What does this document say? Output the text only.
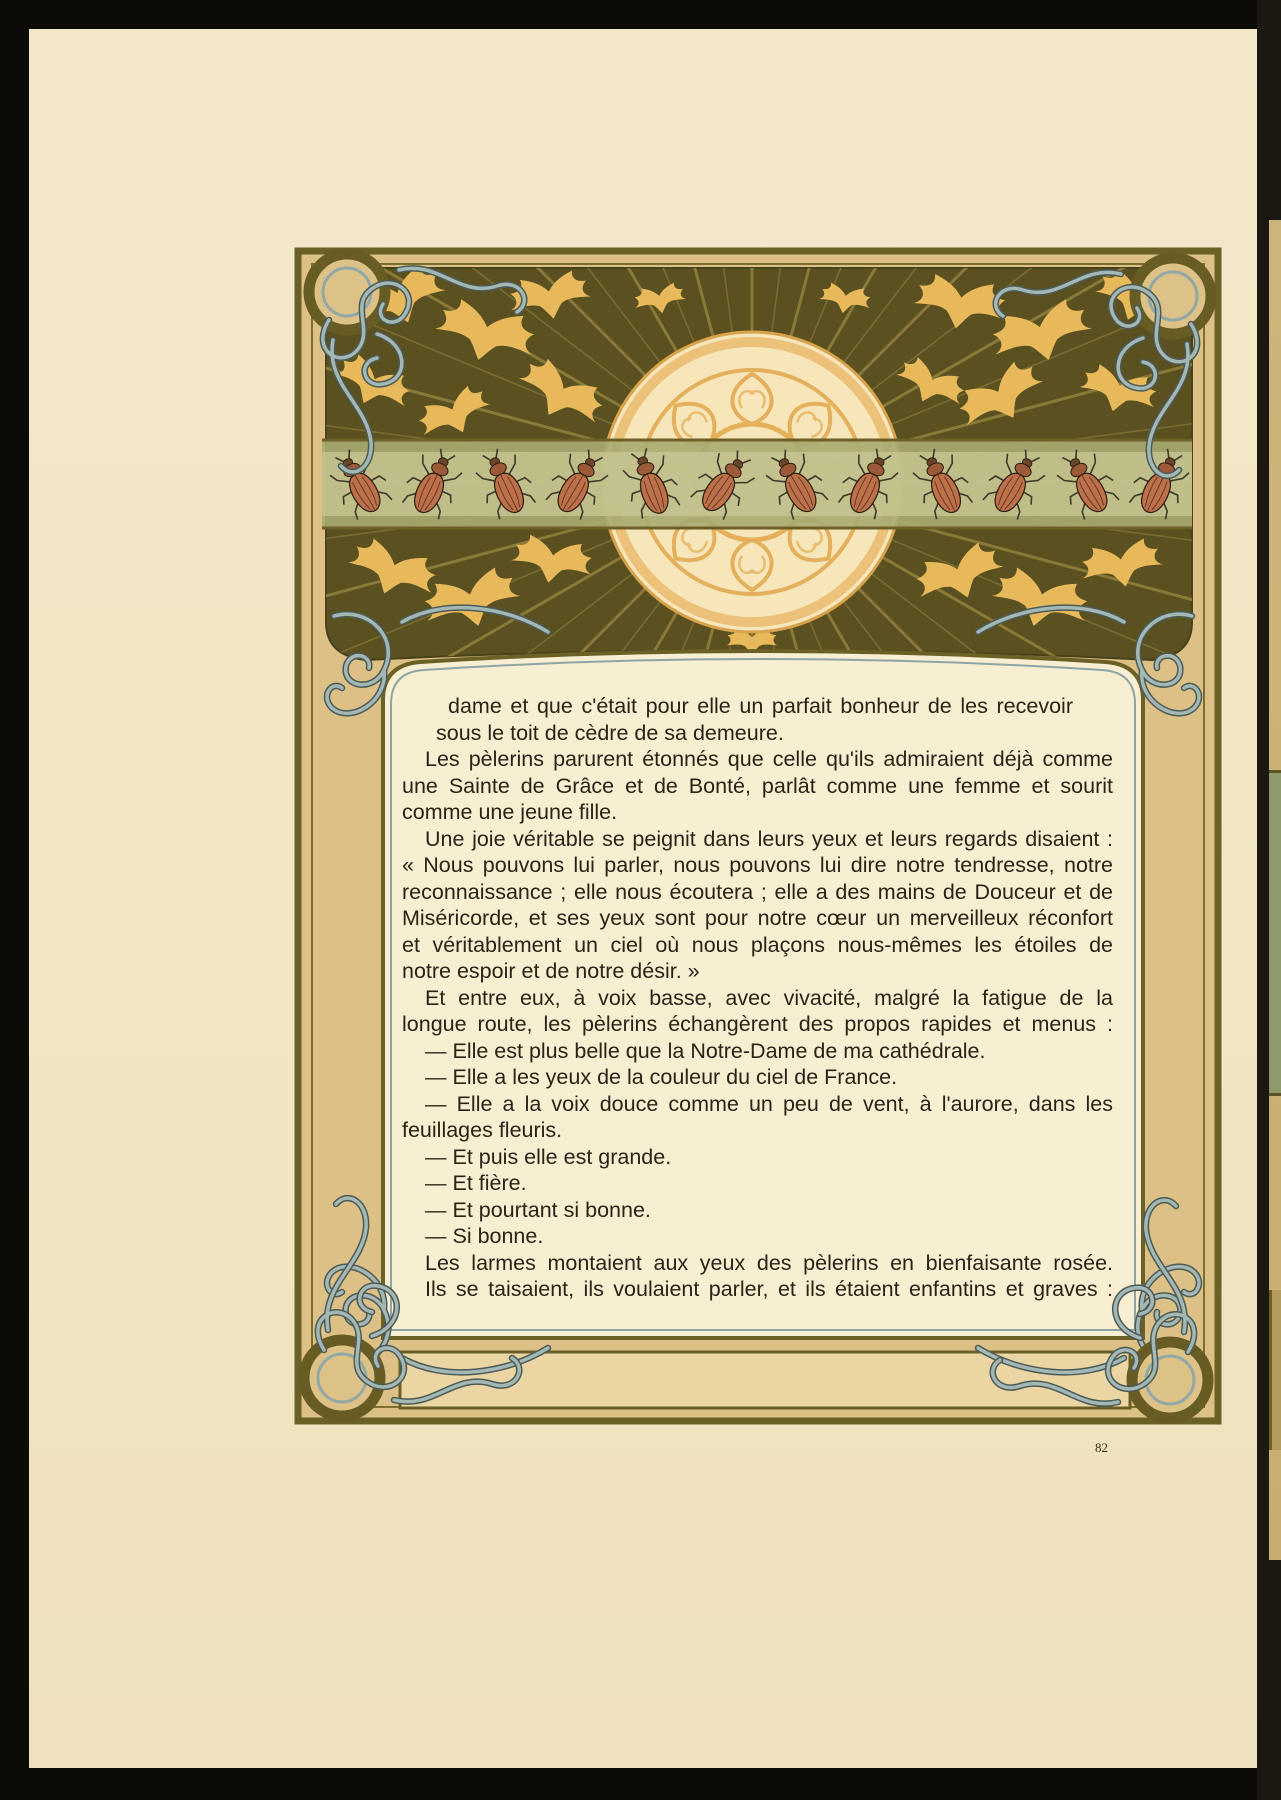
dame et que c'était pour elle un parfait bonheur de les recevoir
sous le toit de cèdre de sa demeure.
Les pèlerins parurent étonnés que celle qu'ils admiraient déjà comme
une Sainte de Grâce et de Bonté, parlât comme une femme et sourit
comme une jeune fille.
Une joie véritable se peignit dans leurs yeux et leurs regards disaient :
« Nous pouvons lui parler, nous pouvons lui dire notre tendresse, notre
reconnaissance ; elle nous écoutera ; elle a des mains de Douceur et de
Miséricorde, et ses yeux sont pour notre cœur un merveilleux réconfort
et véritablement un ciel où nous plaçons nous-mêmes les étoiles de
notre espoir et de notre désir. »
Et entre eux, à voix basse, avec vivacité, malgré la fatigue de la
longue route, les pèlerins échangèrent des propos rapides et menus :
— Elle est plus belle que la Notre-Dame de ma cathédrale.
— Elle a les yeux de la couleur du ciel de France.
— Elle a la voix douce comme un peu de vent, à l'aurore, dans les
feuillages fleuris.
— Et puis elle est grande.
— Et fière.
— Et pourtant si bonne.
— Si bonne.
Les larmes montaient aux yeux des pèlerins en bienfaisante rosée.
Ils se taisaient, ils voulaient parler, et ils étaient enfantins et graves :
82
